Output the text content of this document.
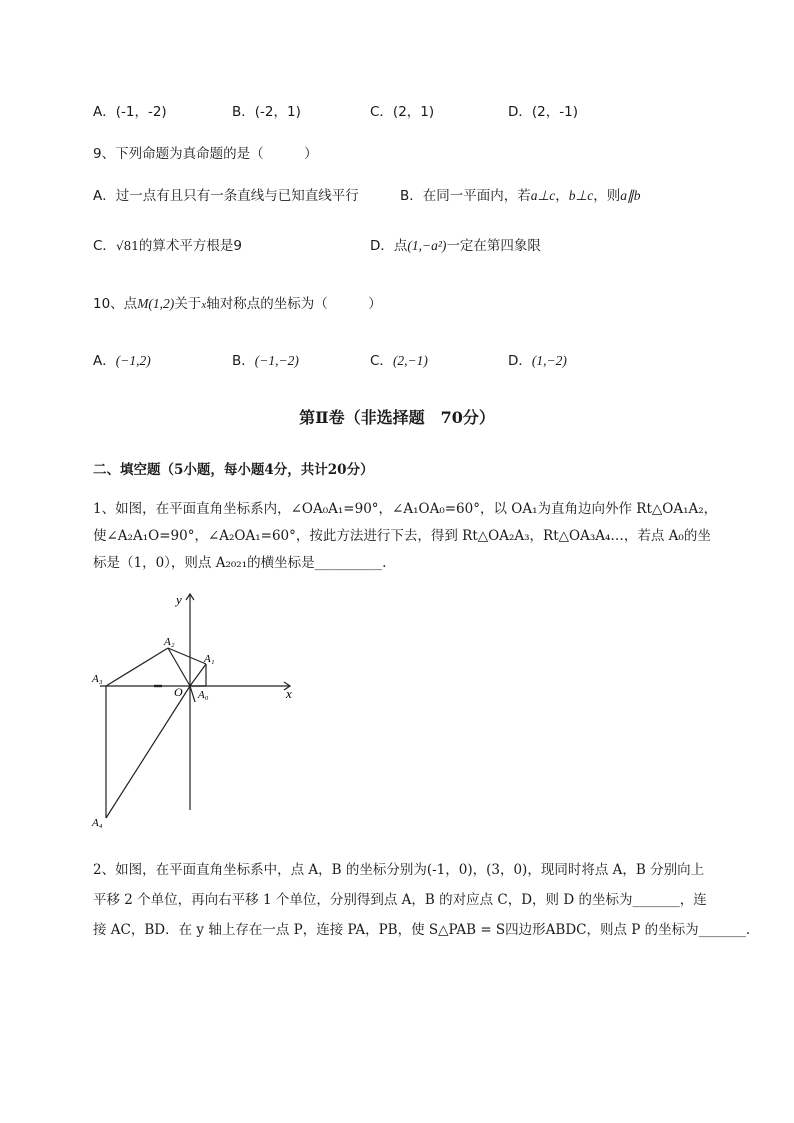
A．(-1，-2)	B．(-2，1)	C．(2，1)	D．(2，-1)
9、下列命题为真命题的是（　　　）
A．过一点有且只有一条直线与已知直线平行	B．在同一平面内，若a⊥c，b⊥c，则a∥b
C．√81的算术平方根是9	D．点(1,−a²)一定在第四象限
10、点M(1,2)关于x轴对称点的坐标为（　　　）
A．(−1,2)	B．(−1,−2)	C．(2,−1)	D．(1,−2)
第Ⅱ卷（非选择题　70分）
二、填空题（5小题，每小题4分，共计20分）
1、如图，在平面直角坐标系内，∠OA₀A₁=90°，∠A₁OA₀=60°，以 OA₁为直角边向外作 Rt△OA₁A₂，
使∠A₂A₁O=90°，∠A₂OA₁=60°，按此方法进行下去，得到 Rt△OA₂A₃，Rt△OA₃A₄…，若点 A₀的坐
标是（1，0），则点 A₂₀₂₁的横坐标是__________.
y
x
O A₀
A₁
A₂
A₃
A₄
2、如图，在平面直角坐标系中，点 A，B 的坐标分别为(-1，0)，(3，0)，现同时将点 A，B 分别向上
平移 2 个单位，再向右平移 1 个单位，分别得到点 A，B 的对应点 C，D，则 D 的坐标为_______，连
接 AC，BD．在 y 轴上存在一点 P，连接 PA，PB，使 S△PAB = S四边形ABDC，则点 P 的坐标为_______.
